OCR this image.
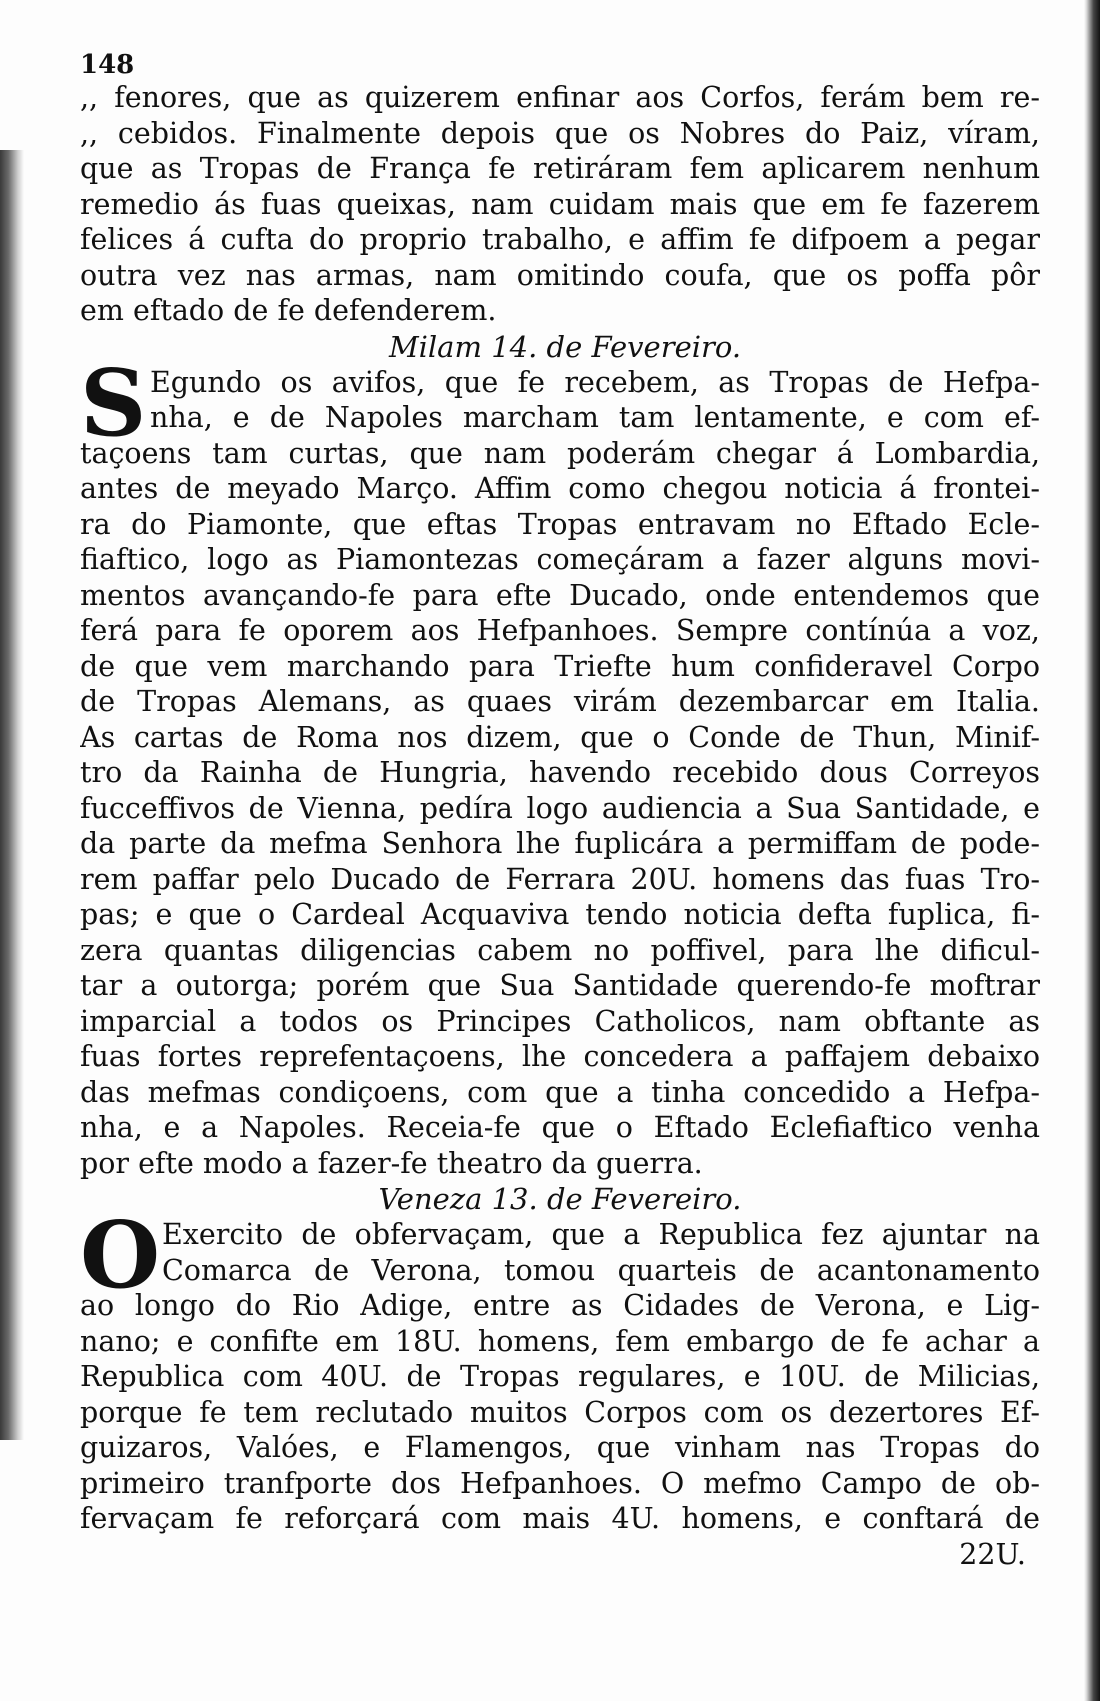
148
,, fenores, que as quizerem enfinar aos Corfos, ferám bem re-
,, cebidos. Finalmente depois que os Nobres do Paiz, víram,
que as Tropas de França fe retiráram fem aplicarem nenhum
remedio ás fuas queixas, nam cuidam mais que em fe fazerem
felices á cufta do proprio trabalho, e affim fe difpoem a pegar
outra vez nas armas, nam omitindo coufa, que os poffa pôr
em eftado de fe defenderem.
Milam 14. de Fevereiro.
S Egundo os avifos, que fe recebem, as Tropas de Hefpa-
nha, e de Napoles marcham tam lentamente, e com ef-
taçoens tam curtas, que nam poderám chegar á Lombardia,
antes de meyado Março. Affim como chegou noticia á frontei-
ra do Piamonte, que eftas Tropas entravam no Eftado Ecle-
fiaftico, logo as Piamontezas começáram a fazer alguns movi-
mentos avançando-fe para efte Ducado, onde entendemos que
ferá para fe oporem aos Hefpanhoes. Sempre contínúa a voz,
de que vem marchando para Triefte hum confideravel Corpo
de Tropas Alemans, as quaes virám dezembarcar em Italia.
As cartas de Roma nos dizem, que o Conde de Thun, Minif-
tro da Rainha de Hungria, havendo recebido dous Correyos
fucceffivos de Vienna, pedíra logo audiencia a Sua Santidade, e
da parte da mefma Senhora lhe fuplicára a permiffam de pode-
rem paffar pelo Ducado de Ferrara 20U. homens das fuas Tro-
pas; e que o Cardeal Acquaviva tendo noticia defta fuplica, fi-
zera quantas diligencias cabem no poffivel, para lhe dificul-
tar a outorga; porém que Sua Santidade querendo-fe moftrar
imparcial a todos os Principes Catholicos, nam obftante as
fuas fortes reprefentaçoens, lhe concedera a paffajem debaixo
das mefmas condiçoens, com que a tinha concedido a Hefpa-
nha, e a Napoles. Receia-fe que o Eftado Eclefiaftico venha
por efte modo a fazer-fe theatro da guerra.
Veneza 13. de Fevereiro.
O Exercito de obfervaçam, que a Republica fez ajuntar na
Comarca de Verona, tomou quarteis de acantonamento
ao longo do Rio Adige, entre as Cidades de Verona, e Lig-
nano; e confifte em 18U. homens, fem embargo de fe achar a
Republica com 40U. de Tropas regulares, e 10U. de Milicias,
porque fe tem reclutado muitos Corpos com os dezertores Ef-
guizaros, Valóes, e Flamengos, que vinham nas Tropas do
primeiro tranfporte dos Hefpanhoes. O mefmo Campo de ob-
fervaçam fe reforçará com mais 4U. homens, e conftará de
22U.
